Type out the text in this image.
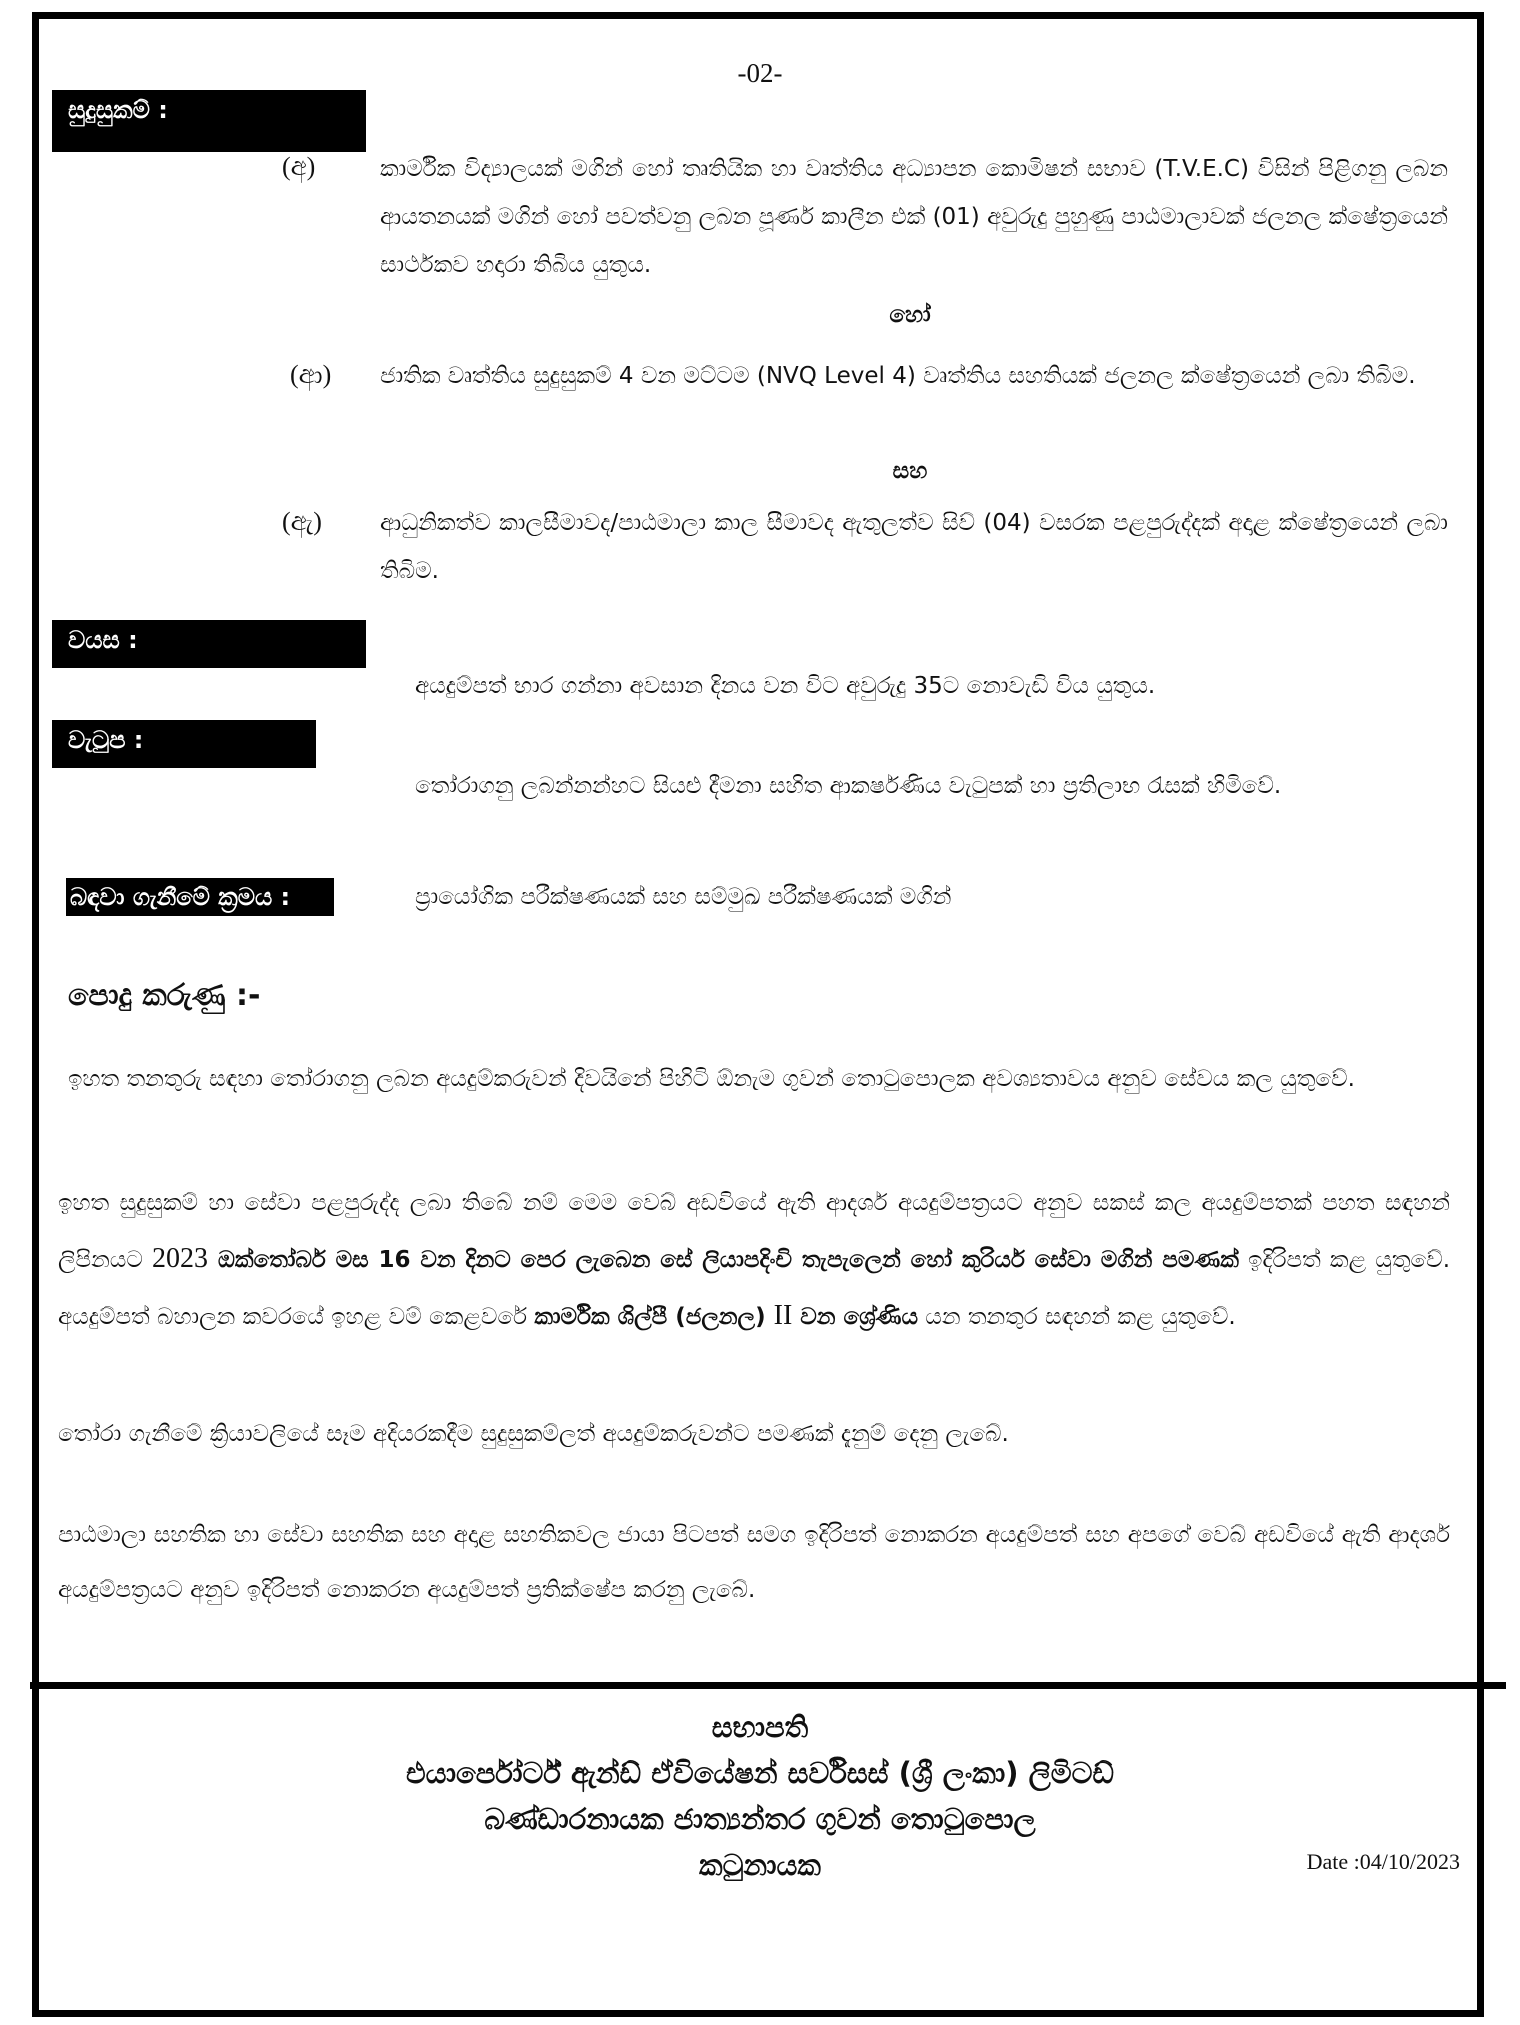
-02-
සුදුසුකම් :
(අ)	කාර්මික විද්‍යාලයක් මගින් හෝ තෘතියික හා වෘත්තිය අධ්‍යාපන කොමිෂන් සභාව (T.V.E.C) විසින් පිළිගනු ලබන ආයතනයක් මගින් හෝ පවත්වනු ලබන පූර්ණ කාලීන එක් (01) අවුරුදු පුහුණු පාඨමාලාවක් ජලනල ක්ෂේත්‍රයෙන් සාර්ථකව හදාරා තිබිය යුතුය.
හෝ
(ආ) ජාතික වෘත්තිය සුදුසුකම් 4 වන මට්ටම (NVQ Level 4) වෘත්තිය සහතියක් ජලනල ක්ෂේත්‍රයෙන් ලබා තිබිම.
සහ
(ඇ)	ආධුනිකත්ව කාලසීමාවද/පාඨමාලා කාල සීමාවද ඇතුලත්ව සිව් (04) වසරක පළපුරුද්දක් අදාළ ක්ෂේත්‍රයෙන් ලබා තිබිම.
වයස :
අයදුම්පත් භාර ගන්නා අවසාන දිනය වන විට අවුරුදු 35ට නොවැඩි විය යුතුය.
වැටුප :
තෝරාගනු ලබන්නන්හට සියළු දීමනා සහිත ආකර්ෂණිය වැටුපක් හා ප්‍රතිලාභ රැසක් හිමිවේ.
බඳවා ගැනීමේ ක්‍රමය :	ප්‍රායෝගික පරීක්ෂණයක් සහ සම්මුඛ පරීක්ෂණයක් මගින්
පොදු කරුණු :-
ඉහත තනතුරු සඳහා තෝරාගනු ලබන අයදුම්කරුවන් දිවයිනේ පිහිටි ඕනැම ගුවන් තොටුපොලක අවශ්‍යතාවය අනුව සේවය කල යුතුවේ.
ඉහත සුදුසුකම් හා සේවා පළපුරුද්ද ලබා තිබේ නම් මෙම වෙබ් අඩවියේ ඇති ආදර්ශ අයදුම්පත්‍රයට අනුව සකස් කල අයදුම්පතක් පහත සඳහන් ලිපිනයට 2023 ඔක්තෝබර් මස 16 වන දිනට පෙර ලැබෙන සේ ලියාපදිංචි තැපැලෙන් හෝ කුරියර් සේවා මගින් පමණක් ඉදිරිපත් කළ යුතුවේ. අයදුම්පත් බහාලන කවරයේ ඉහළ වම් කෙළවරේ කාර්මික ශිල්පී (ජලනල) II වන ශ්‍රේණිය යන තනතුර සඳහන් කළ යුතුවේ.
තෝරා ගැනීමේ ක්‍රියාවලියේ සෑම අදියරකදීම සුදුසුකම්ලත් අයදුම්කරුවන්ට පමණක් දැනුම් දෙනු ලැබේ.
පාඨමාලා සහතික හා සේවා සහතික සහ අදාළ සහතිකවල ජායා පිටපත් සමග ඉදිරිපත් නොකරන අයදුම්පත් සහ අපගේ වෙබ් අඩවියේ ඇති ආදර්ශ අයදුම්පත්‍රයට අනුව ඉදිරිපත් නොකරන අයදුම්පත් ප්‍රතික්ෂේප කරනු ලැබේ.
සභාපති
එයාර්පෝර්ට් ඇන්ඩ් ඒවියේෂන් සර්විසස් (ශ්‍රී ලංකා) ලිමිටඩ්
බණ්ඩාරනායක ජාත්‍යන්තර ගුවන් තොටුපොල
කටුනායක	Date :04/10/2023
